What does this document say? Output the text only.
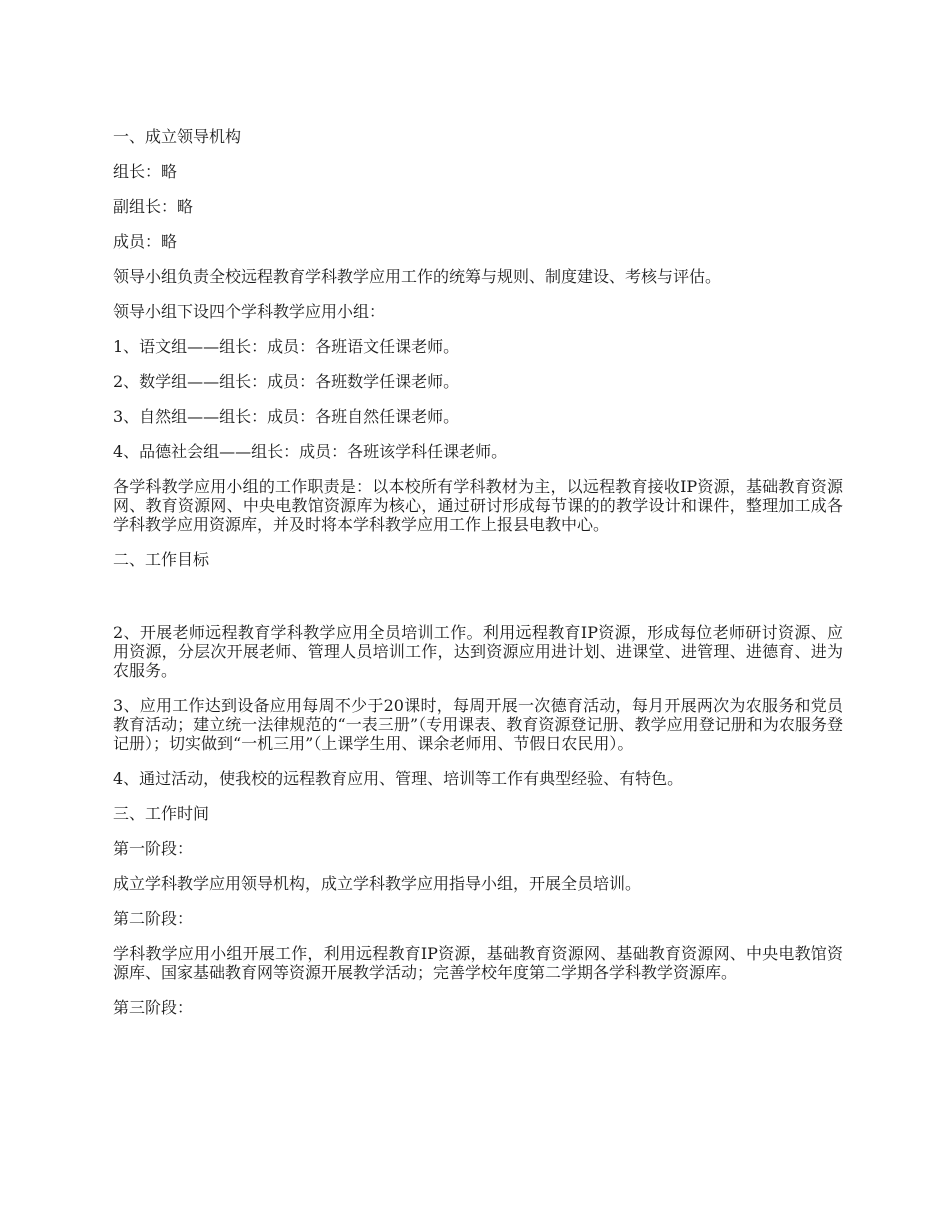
一、成立领导机构

组长：略

副组长：略

成员：略

领导小组负责全校远程教育学科教学应用工作的统筹与规则、制度建设、考核与评估。

领导小组下设四个学科教学应用小组：

1、语文组——组长：成员：各班语文任课老师。

2、数学组——组长：成员：各班数学任课老师。

3、自然组——组长：成员：各班自然任课老师。

4、品德社会组——组长：成员：各班该学科任课老师。

各学科教学应用小组的工作职责是：以本校所有学科教材为主，以远程教育接收IP资源，基础教育资源网、教育资源网、中央电教馆资源库为核心，通过研讨形成每节课的的教学设计和课件，整理加工成各学科教学应用资源库，并及时将本学科教学应用工作上报县电教中心。

二、工作目标

2、开展老师远程教育学科教学应用全员培训工作。利用远程教育IP资源，形成每位老师研讨资源、应用资源，分层次开展老师、管理人员培训工作，达到资源应用进计划、进课堂、进管理、进德育、进为农服务。

3、应用工作达到设备应用每周不少于20课时，每周开展一次德育活动，每月开展两次为农服务和党员教育活动；建立统一法律规范的“一表三册”（专用课表、教育资源登记册、教学应用登记册和为农服务登记册）；切实做到“一机三用”（上课学生用、课余老师用、节假日农民用）。

4、通过活动，使我校的远程教育应用、管理、培训等工作有典型经验、有特色。

三、工作时间

第一阶段：

成立学科教学应用领导机构，成立学科教学应用指导小组，开展全员培训。

第二阶段：

学科教学应用小组开展工作，利用远程教育IP资源，基础教育资源网、基础教育资源网、中央电教馆资源库、国家基础教育网等资源开展教学活动；完善学校年度第二学期各学科教学资源库。

第三阶段：
